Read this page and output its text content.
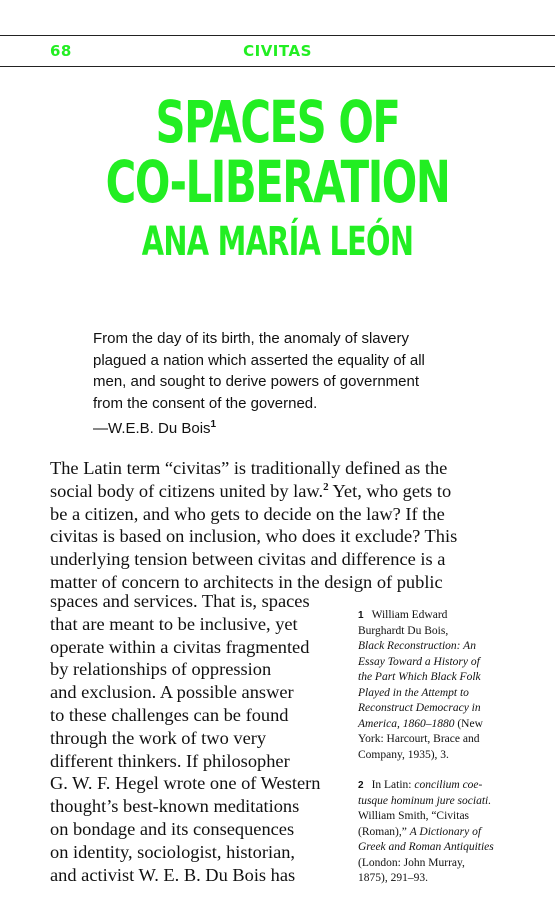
68	CIVITAS
SPACES OF
CO-LIBERATION
ANA MARÍA LEÓN
From the day of its birth, the anomaly of slavery
plagued a nation which asserted the equality of all
men, and sought to derive powers of government
from the consent of the governed.
—W.E.B. Du Bois$^1$
The Latin term “civitas” is traditionally defined as the
social body of citizens united by law.$^2$ Yet, who gets to
be a citizen, and who gets to decide on the law? If the
civitas is based on inclusion, who does it exclude? This
underlying tension between civitas and difference is a
matter of concern to architects in the design of public
spaces and services. That is, spaces
that are meant to be inclusive, yet
operate within a civitas fragmented
by relationships of oppression
and exclusion. A possible answer
to these challenges can be found
through the work of two very
different thinkers. If philosopher
G. W. F. Hegel wrote one of Western
thought’s best-known meditations
on bondage and its consequences
on identity, sociologist, historian,
and activist W. E. B. Du Bois has
1 William Edward
Burghardt Du Bois,
Black Reconstruction: An
Essay Toward a History of
the Part Which Black Folk
Played in the Attempt to
Reconstruct Democracy in
America, 1860–1880 (New
York: Harcourt, Brace and
Company, 1935), 3.
2 In Latin: concilium coe-
tusque hominum jure sociati.
William Smith, “Civitas
(Roman),” A Dictionary of
Greek and Roman Antiquities
(London: John Murray,
1875), 291–93.
